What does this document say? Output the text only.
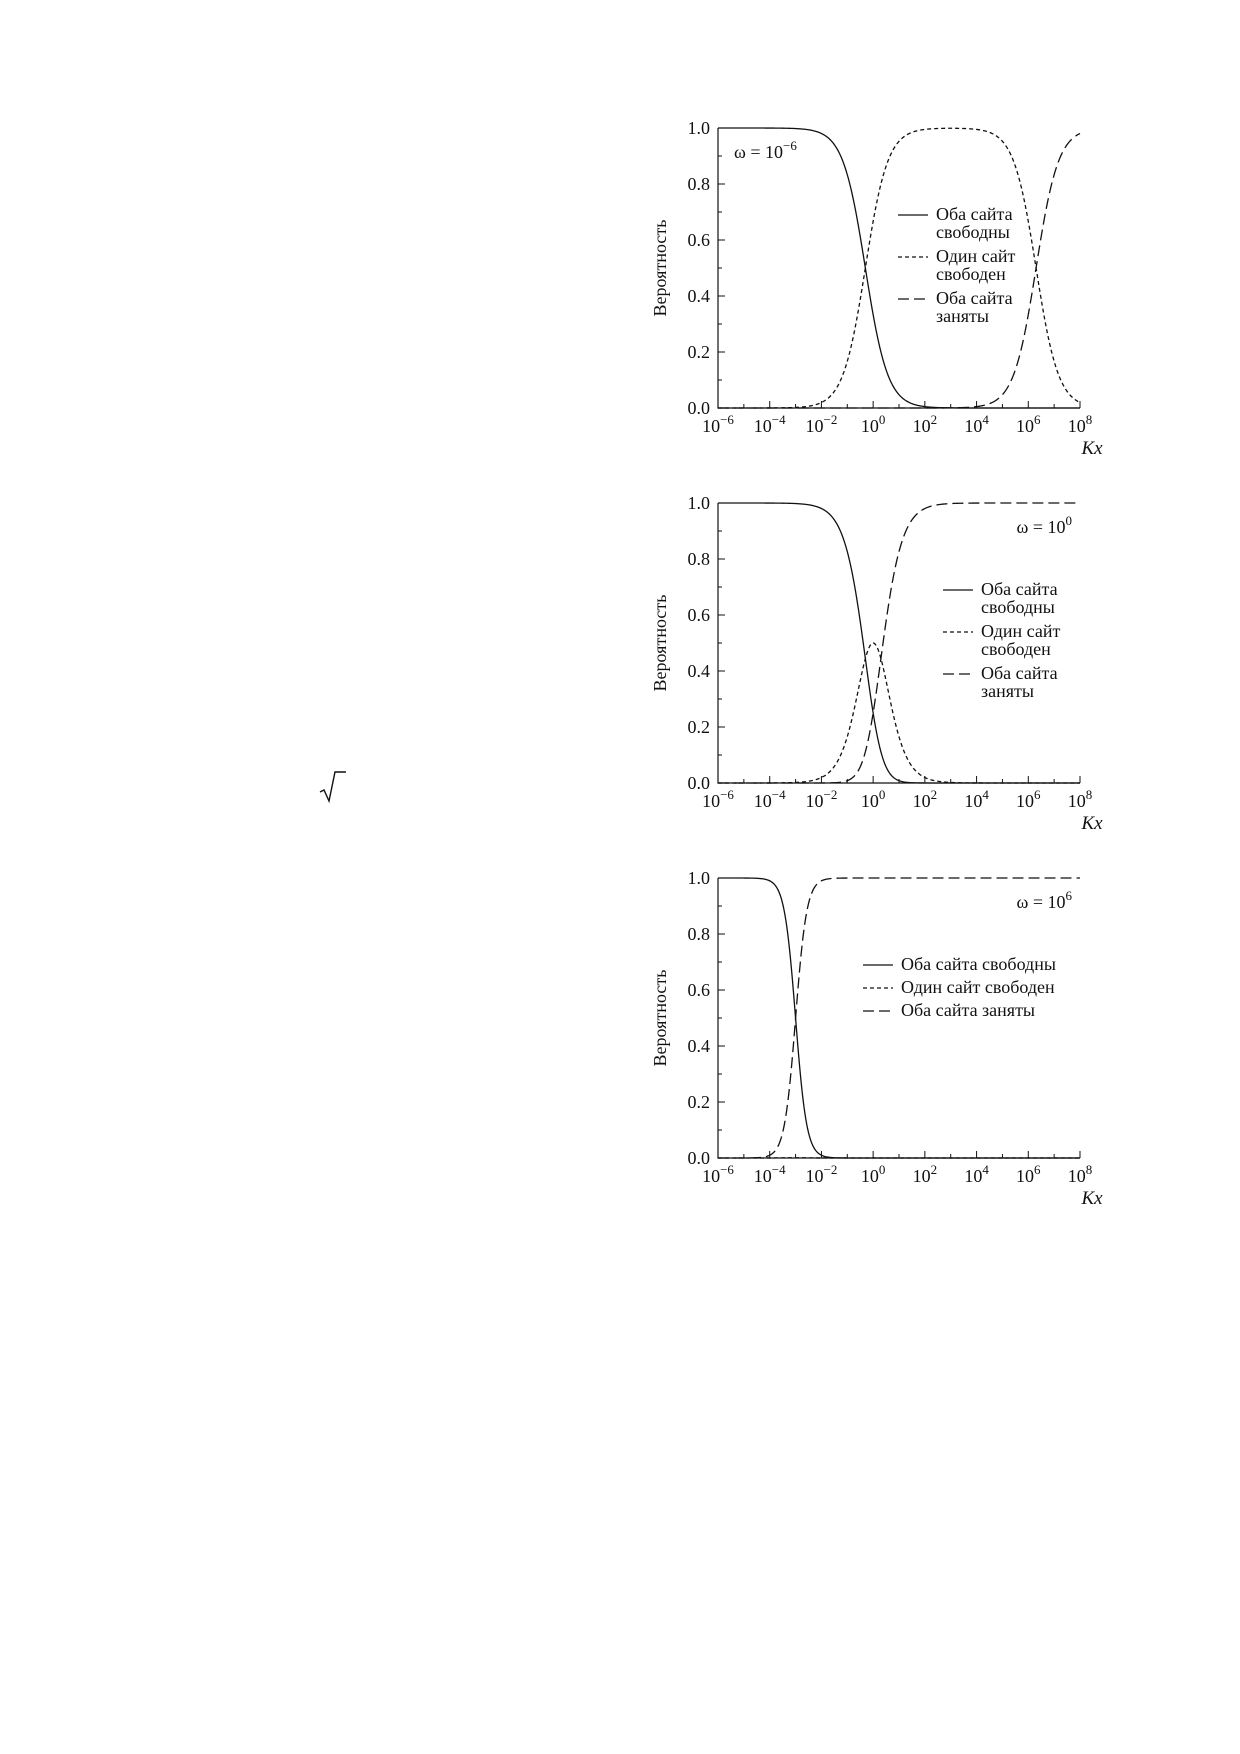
0.0
0.2
0.4
0.6
0.8
1.0
$10^{-6}$ $10^{-4}$ $10^{-2}$ $10^0$ $10^2$ $10^4$ $10^6$ $10^8$
Kx
Вероятность
$\omega = 10^{-6}$
Оба сайта
свободны
Один сайт
свободен
Оба сайта
заняты
0.0
0.2
0.4
0.6
0.8
1.0
$10^{-6}$ $10^{-4}$ $10^{-2}$ $10^0$ $10^2$ $10^4$ $10^6$ $10^8$
Kx
Вероятность
$\omega = 10^0$
Оба сайта
свободны
Один сайт
свободен
Оба сайта
заняты
0.0
0.2
0.4
0.6
0.8
1.0
$10^{-6}$ $10^{-4}$ $10^{-2}$ $10^0$ $10^2$ $10^4$ $10^6$ $10^8$
Kx
Вероятность
$\omega = 10^6$
Оба сайта свободны
Один сайт свободен
Оба сайта заняты
